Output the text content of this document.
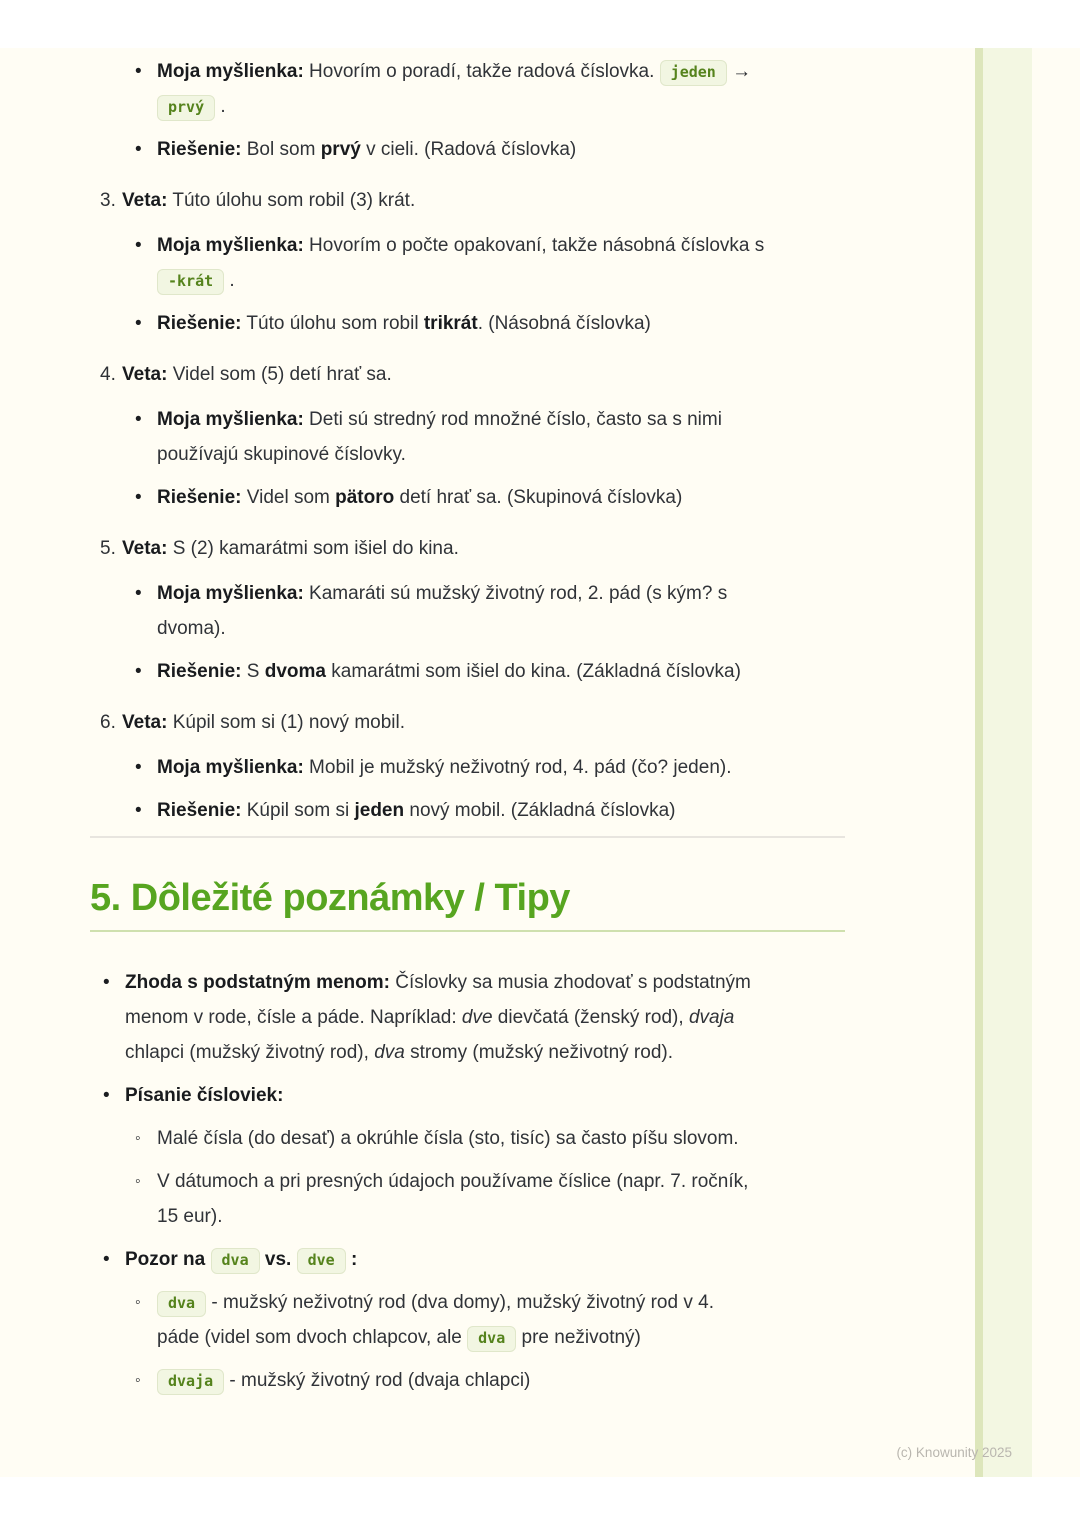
• Moja myšlienka: Hovorím o poradí, takže radová číslovka. jeden →
prvý .
• Riešenie: Bol som prvý v cieli. (Radová číslovka)
3. Veta: Túto úlohu som robil (3) krát.
• Moja myšlienka: Hovorím o počte opakovaní, takže násobná číslovka s
-krát .
• Riešenie: Túto úlohu som robil trikrát. (Násobná číslovka)
4. Veta: Videl som (5) detí hrať sa.
• Moja myšlienka: Deti sú stredný rod množné číslo, často sa s nimi
používajú skupinové číslovky.
• Riešenie: Videl som pätoro detí hrať sa. (Skupinová číslovka)
5. Veta: S (2) kamarátmi som išiel do kina.
• Moja myšlienka: Kamaráti sú mužský životný rod, 2. pád (s kým? s
dvoma).
• Riešenie: S dvoma kamarátmi som išiel do kina. (Základná číslovka)
6. Veta: Kúpil som si (1) nový mobil.
• Moja myšlienka: Mobil je mužský neživotný rod, 4. pád (čo? jeden).
• Riešenie: Kúpil som si jeden nový mobil. (Základná číslovka)
5. Dôležité poznámky / Tipy
• Zhoda s podstatným menom: Číslovky sa musia zhodovať s podstatným
menom v rode, čísle a páde. Napríklad: dve dievčatá (ženský rod), dvaja
chlapci (mužský životný rod), dva stromy (mužský neživotný rod).
• Písanie čísloviek:
◦ Malé čísla (do desať) a okrúhle čísla (sto, tisíc) sa často píšu slovom.
◦ V dátumoch a pri presných údajoch používame číslice (napr. 7. ročník,
15 eur).
• Pozor na dva vs. dve :
◦	dva - mužský neživotný rod (dva domy), mužský životný rod v 4.
páde (videl som dvoch chlapcov, ale dva pre neživotný)
◦	dvaja - mužský životný rod (dvaja chlapci)
(c) Knowunity 2025
